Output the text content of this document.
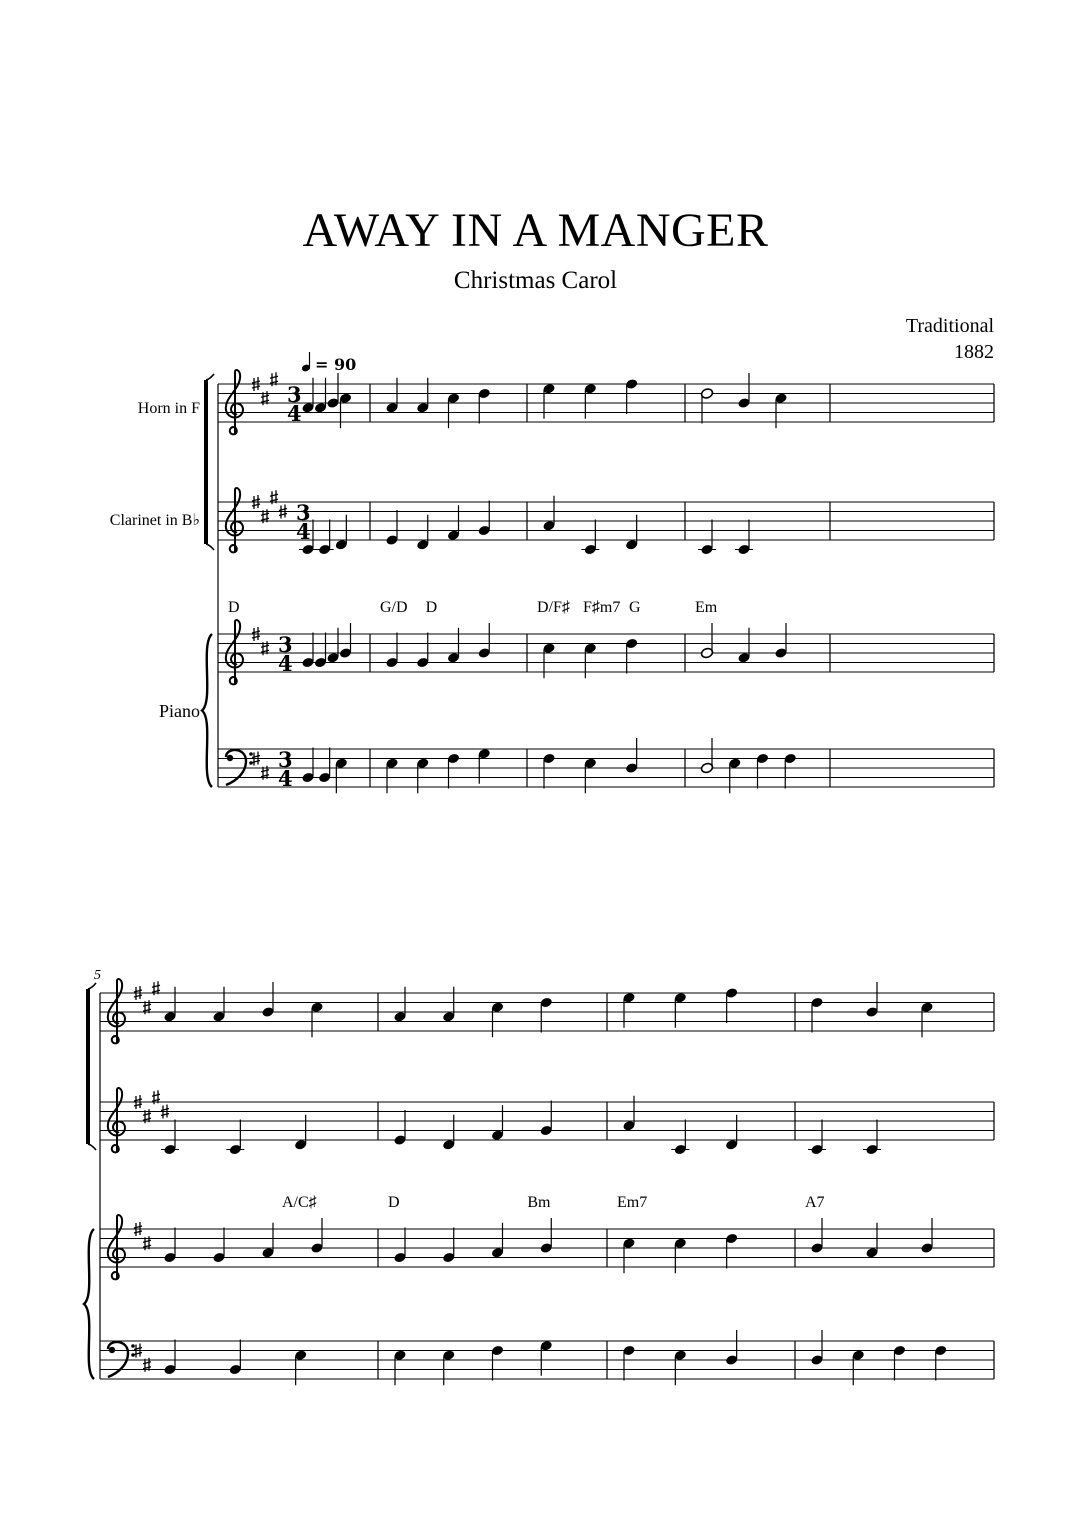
AWAY IN A MANGER
Christmas Carol
Traditional
1882
Horn in F
Clarinet in B♭
Piano
= 90
3
4
3
4
3
4
3
4
D	G/D D	D/F♯ F♯m7 G	Em
5
A/C♯	D	Bm	Em7	A7
